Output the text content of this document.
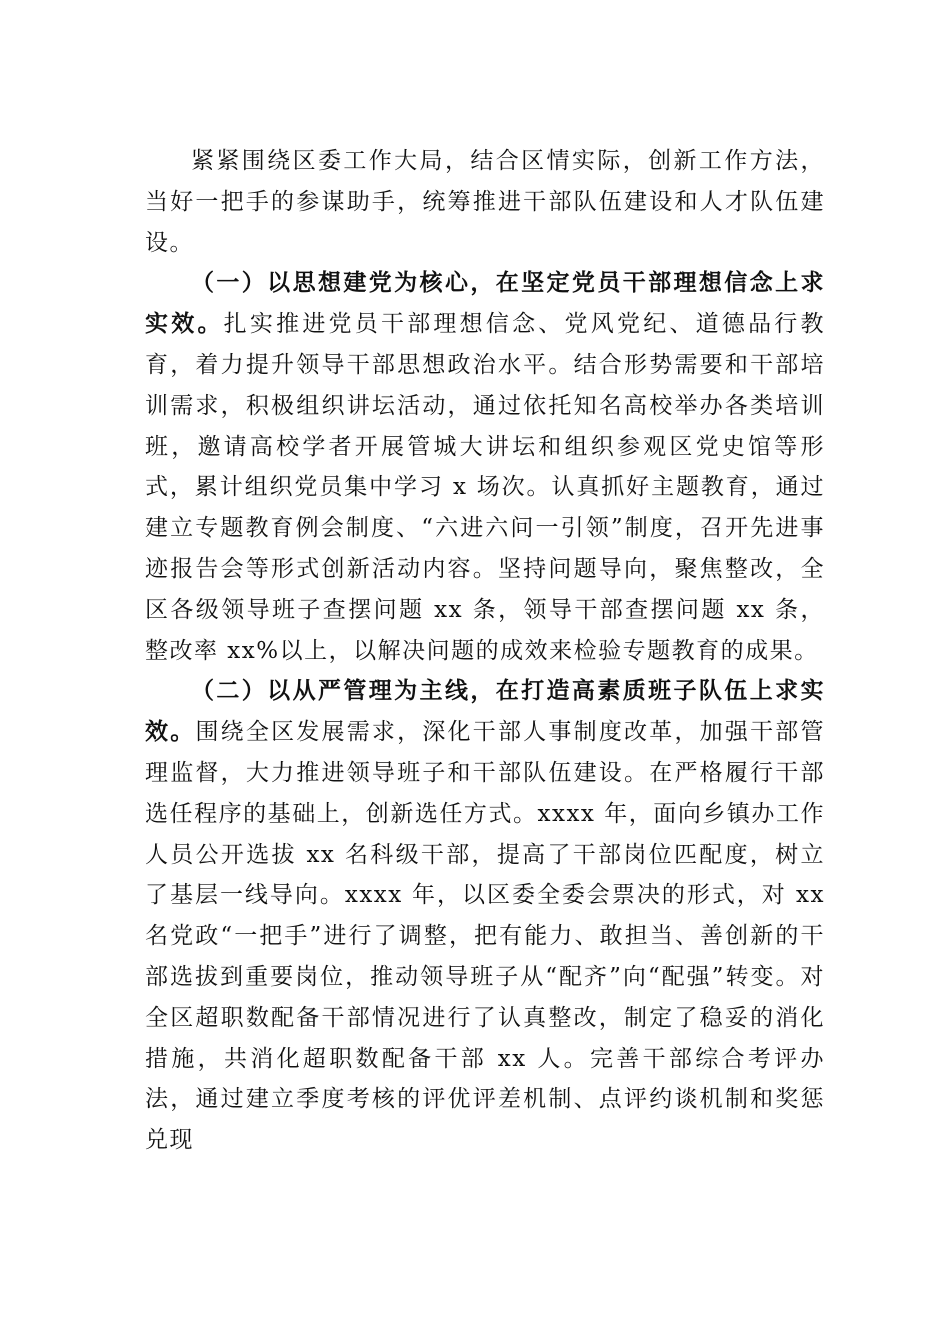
紧紧围绕区委工作大局，结合区情实际，创新工作方法，当好一把手的参谋助手，统筹推进干部队伍建设和人才队伍建设。

（一）以思想建党为核心，在坚定党员干部理想信念上求实效。扎实推进党员干部理想信念、党风党纪、道德品行教育，着力提升领导干部思想政治水平。结合形势需要和干部培训需求，积极组织讲坛活动，通过依托知名高校举办各类培训班，邀请高校学者开展管城大讲坛和组织参观区党史馆等形式，累计组织党员集中学习 x 场次。认真抓好主题教育，通过建立专题教育例会制度、“六进六问一引领”制度，召开先进事迹报告会等形式创新活动内容。坚持问题导向，聚焦整改，全区各级领导班子查摆问题 xx 条，领导干部查摆问题 xx 条，整改率 xx%以上，以解决问题的成效来检验专题教育的成果。

（二）以从严管理为主线，在打造高素质班子队伍上求实效。围绕全区发展需求，深化干部人事制度改革，加强干部管理监督，大力推进领导班子和干部队伍建设。在严格履行干部选任程序的基础上，创新选任方式。xxxx 年，面向乡镇办工作人员公开选拔 xx 名科级干部，提高了干部岗位匹配度，树立了基层一线导向。xxxx 年，以区委全委会票决的形式，对 xx 名党政“一把手”进行了调整，把有能力、敢担当、善创新的干部选拔到重要岗位，推动领导班子从“配齐”向“配强”转变。对全区超职数配备干部情况进行了认真整改，制定了稳妥的消化措施，共消化超职数配备干部 xx 人。完善干部综合考评办法，通过建立季度考核的评优评差机制、点评约谈机制和奖惩兑现
